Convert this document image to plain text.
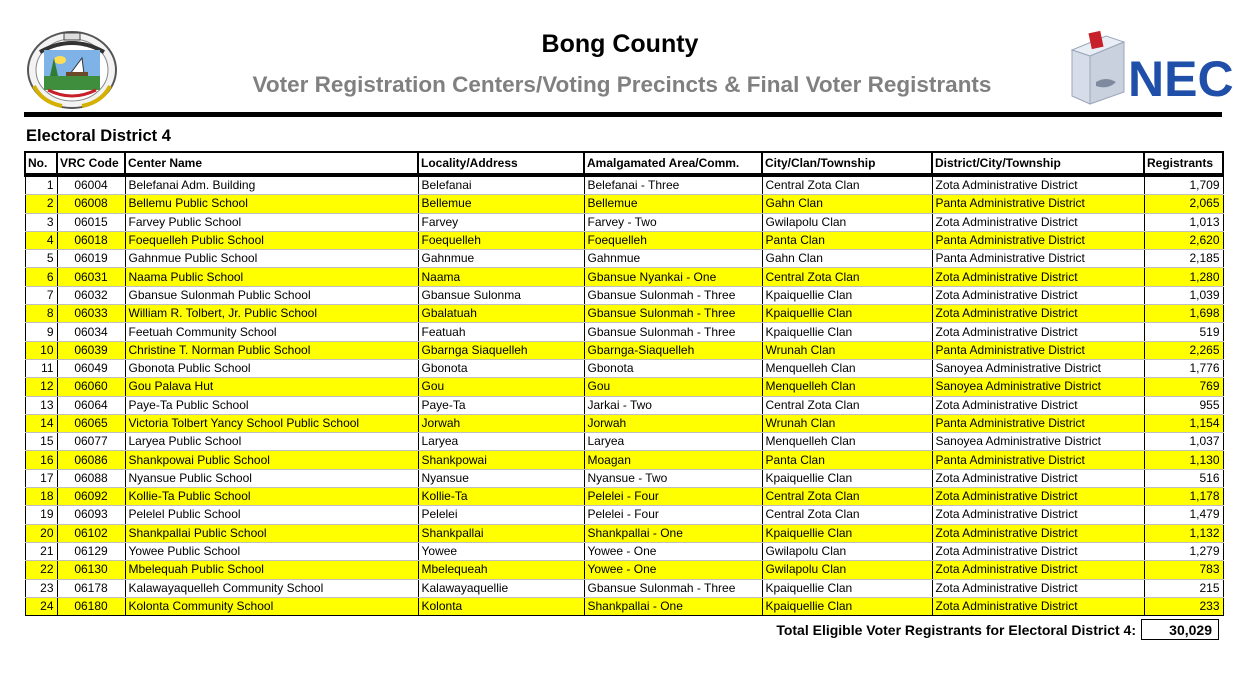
Bong County
Voter Registration Centers/Voting Precincts & Final Voter Registrants	NEC
Electoral District 4
No.	VRC Code	Center Name	Locality/Address	Amalgamated Area/Comm.	City/Clan/Township	District/City/Township	Registrants
1	06004	Belefanai Adm. Building	Belefanai	Belefanai - Three	Central Zota Clan	Zota Administrative District	1,709
2	06008	Bellemu Public School	Bellemue	Bellemue	Gahn Clan	Panta Administrative District	2,065
3	06015	Farvey Public School	Farvey	Farvey - Two	Gwilapolu Clan	Zota Administrative District	1,013
4	06018	Foequelleh Public School	Foequelleh	Foequelleh	Panta Clan	Panta Administrative District	2,620
5	06019	Gahnmue Public School	Gahnmue	Gahnmue	Gahn Clan	Panta Administrative District	2,185
6	06031	Naama Public School	Naama	Gbansue Nyankai - One	Central Zota Clan	Zota Administrative District	1,280
7	06032	Gbansue Sulonmah Public School	Gbansue Sulonma	Gbansue Sulonmah - Three	Kpaiquellie Clan	Zota Administrative District	1,039
8	06033	William R. Tolbert, Jr. Public School	Gbalatuah	Gbansue Sulonmah - Three	Kpaiquellie Clan	Zota Administrative District	1,698
9	06034	Feetuah Community School	Featuah	Gbansue Sulonmah - Three	Kpaiquellie Clan	Zota Administrative District	519
10	06039	Christine T. Norman Public School	Gbarnga Siaquelleh	Gbarnga-Siaquelleh	Wrunah Clan	Panta Administrative District	2,265
11	06049	Gbonota Public School	Gbonota	Gbonota	Menquelleh Clan	Sanoyea Administrative District	1,776
12	06060	Gou Palava Hut	Gou	Gou	Menquelleh Clan	Sanoyea Administrative District	769
13	06064	Paye-Ta Public School	Paye-Ta	Jarkai - Two	Central Zota Clan	Zota Administrative District	955
14	06065	Victoria Tolbert Yancy School Public School	Jorwah	Jorwah	Wrunah Clan	Panta Administrative District	1,154
15	06077	Laryea Public School	Laryea	Laryea	Menquelleh Clan	Sanoyea Administrative District	1,037
16	06086	Shankpowai Public School	Shankpowai	Moagan	Panta Clan	Panta Administrative District	1,130
17	06088	Nyansue Public School	Nyansue	Nyansue - Two	Kpaiquellie Clan	Zota Administrative District	516
18	06092	Kollie-Ta Public School	Kollie-Ta	Pelelei - Four	Central Zota Clan	Zota Administrative District	1,178
19	06093	Pelelel Public School	Pelelei	Pelelei - Four	Central Zota Clan	Zota Administrative District	1,479
20	06102	Shankpallai Public School	Shankpallai	Shankpallai - One	Kpaiquellie Clan	Zota Administrative District	1,132
21	06129	Yowee Public School	Yowee	Yowee - One	Gwilapolu Clan	Zota Administrative District	1,279
22	06130	Mbelequah Public School	Mbelequeah	Yowee - One	Gwilapolu Clan	Zota Administrative District	783
23	06178	Kalawayaquelleh Community School	Kalawayaquellie	Gbansue Sulonmah - Three	Kpaiquellie Clan	Zota Administrative District	215
24	06180	Kolonta Community School	Kolonta	Shankpallai - One	Kpaiquellie Clan	Zota Administrative District	233
Total Eligible Voter Registrants for Electoral District 4:	30,029
